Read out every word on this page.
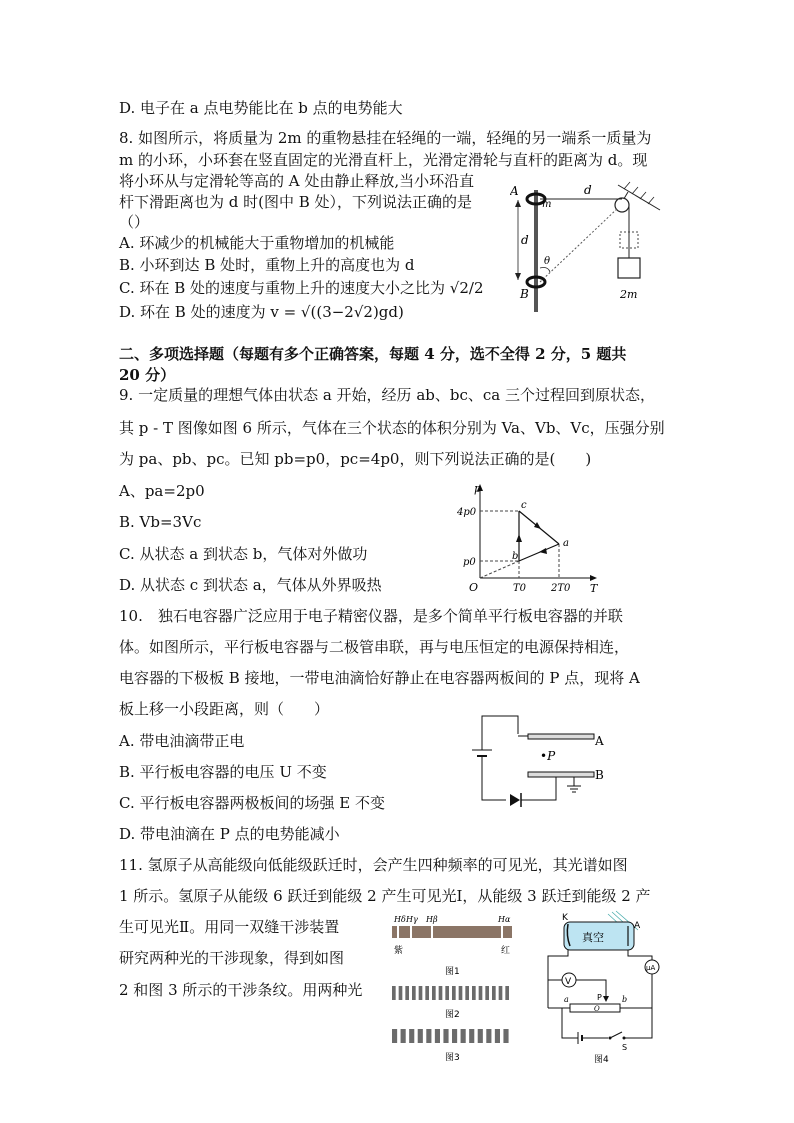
D. 电子在 a 点电势能比在 b 点的电势能大
8. 如图所示，将质量为 2m 的重物悬挂在轻绳的一端，轻绳的另一端系一质量为
m 的小环，小环套在竖直固定的光滑直杆上，光滑定滑轮与直杆的距离为 d。现
将小环从与定滑轮等高的 A 处由静止释放,当小环沿直
杆下滑距离也为 d 时(图中 B 处），下列说法正确的是
（）
A. 环减少的机械能大于重物增加的机械能
B. 小环到达 B 处时，重物上升的高度也为 d
C. 环在 B 处的速度与重物上升的速度大小之比为 √2/2
D. 环在 B 处的速度为 v = √((3−2√2)gd)
A
m
d
d
θ
B	2m
二、多项选择题（每题有多个正确答案，每题 4 分，选不全得 2 分，5 题共
20 分）
9. 一定质量的理想气体由状态 a 开始，经历 ab、bc、ca 三个过程回到原状态，
其 p - T 图像如图 6 所示，气体在三个状态的体积分别为 Va、Vb、Vc，压强分别
为 pa、pb、pc。已知 pb=p0，pc=4p0，则下列说法正确的是(　　)
A、pa=2p0
B. Vb=3Vc
C. 从状态 a 到状态 b，气体对外做功
D. 从状态 c 到状态 a，气体从外界吸热
p
T
O
4p0
p0
T0 2T0
a
b
c
10.　独石电容器广泛应用于电子精密仪器，是多个简单平行板电容器的并联
体。如图所示，平行板电容器与二极管串联，再与电压恒定的电源保持相连，
电容器的下极板 B 接地，一带电油滴恰好静止在电容器两板间的 P 点，现将 A
板上移一小段距离，则（　　）
A. 带电油滴带正电
B. 平行板电容器的电压 U 不变
C. 平行板电容器两极板间的场强 E 不变
D. 带电油滴在 P 点的电势能减小
A
B
•P
11. 氢原子从高能级向低能级跃迁时，会产生四种频率的可见光，其光谱如图
1 所示。氢原子从能级 6 跃迁到能级 2 产生可见光Ⅰ，从能级 3 跃迁到能级 2 产
生可见光Ⅱ。用同一双缝干涉装置
研究两种光的干涉现象，得到如图
2 和图 3 所示的干涉条纹。用两种光
Hδ Hγ Hβ	Hα
紫	红
图1
图2
图3
真空
K
A
μA
V
P
O
a	b
S
图4
